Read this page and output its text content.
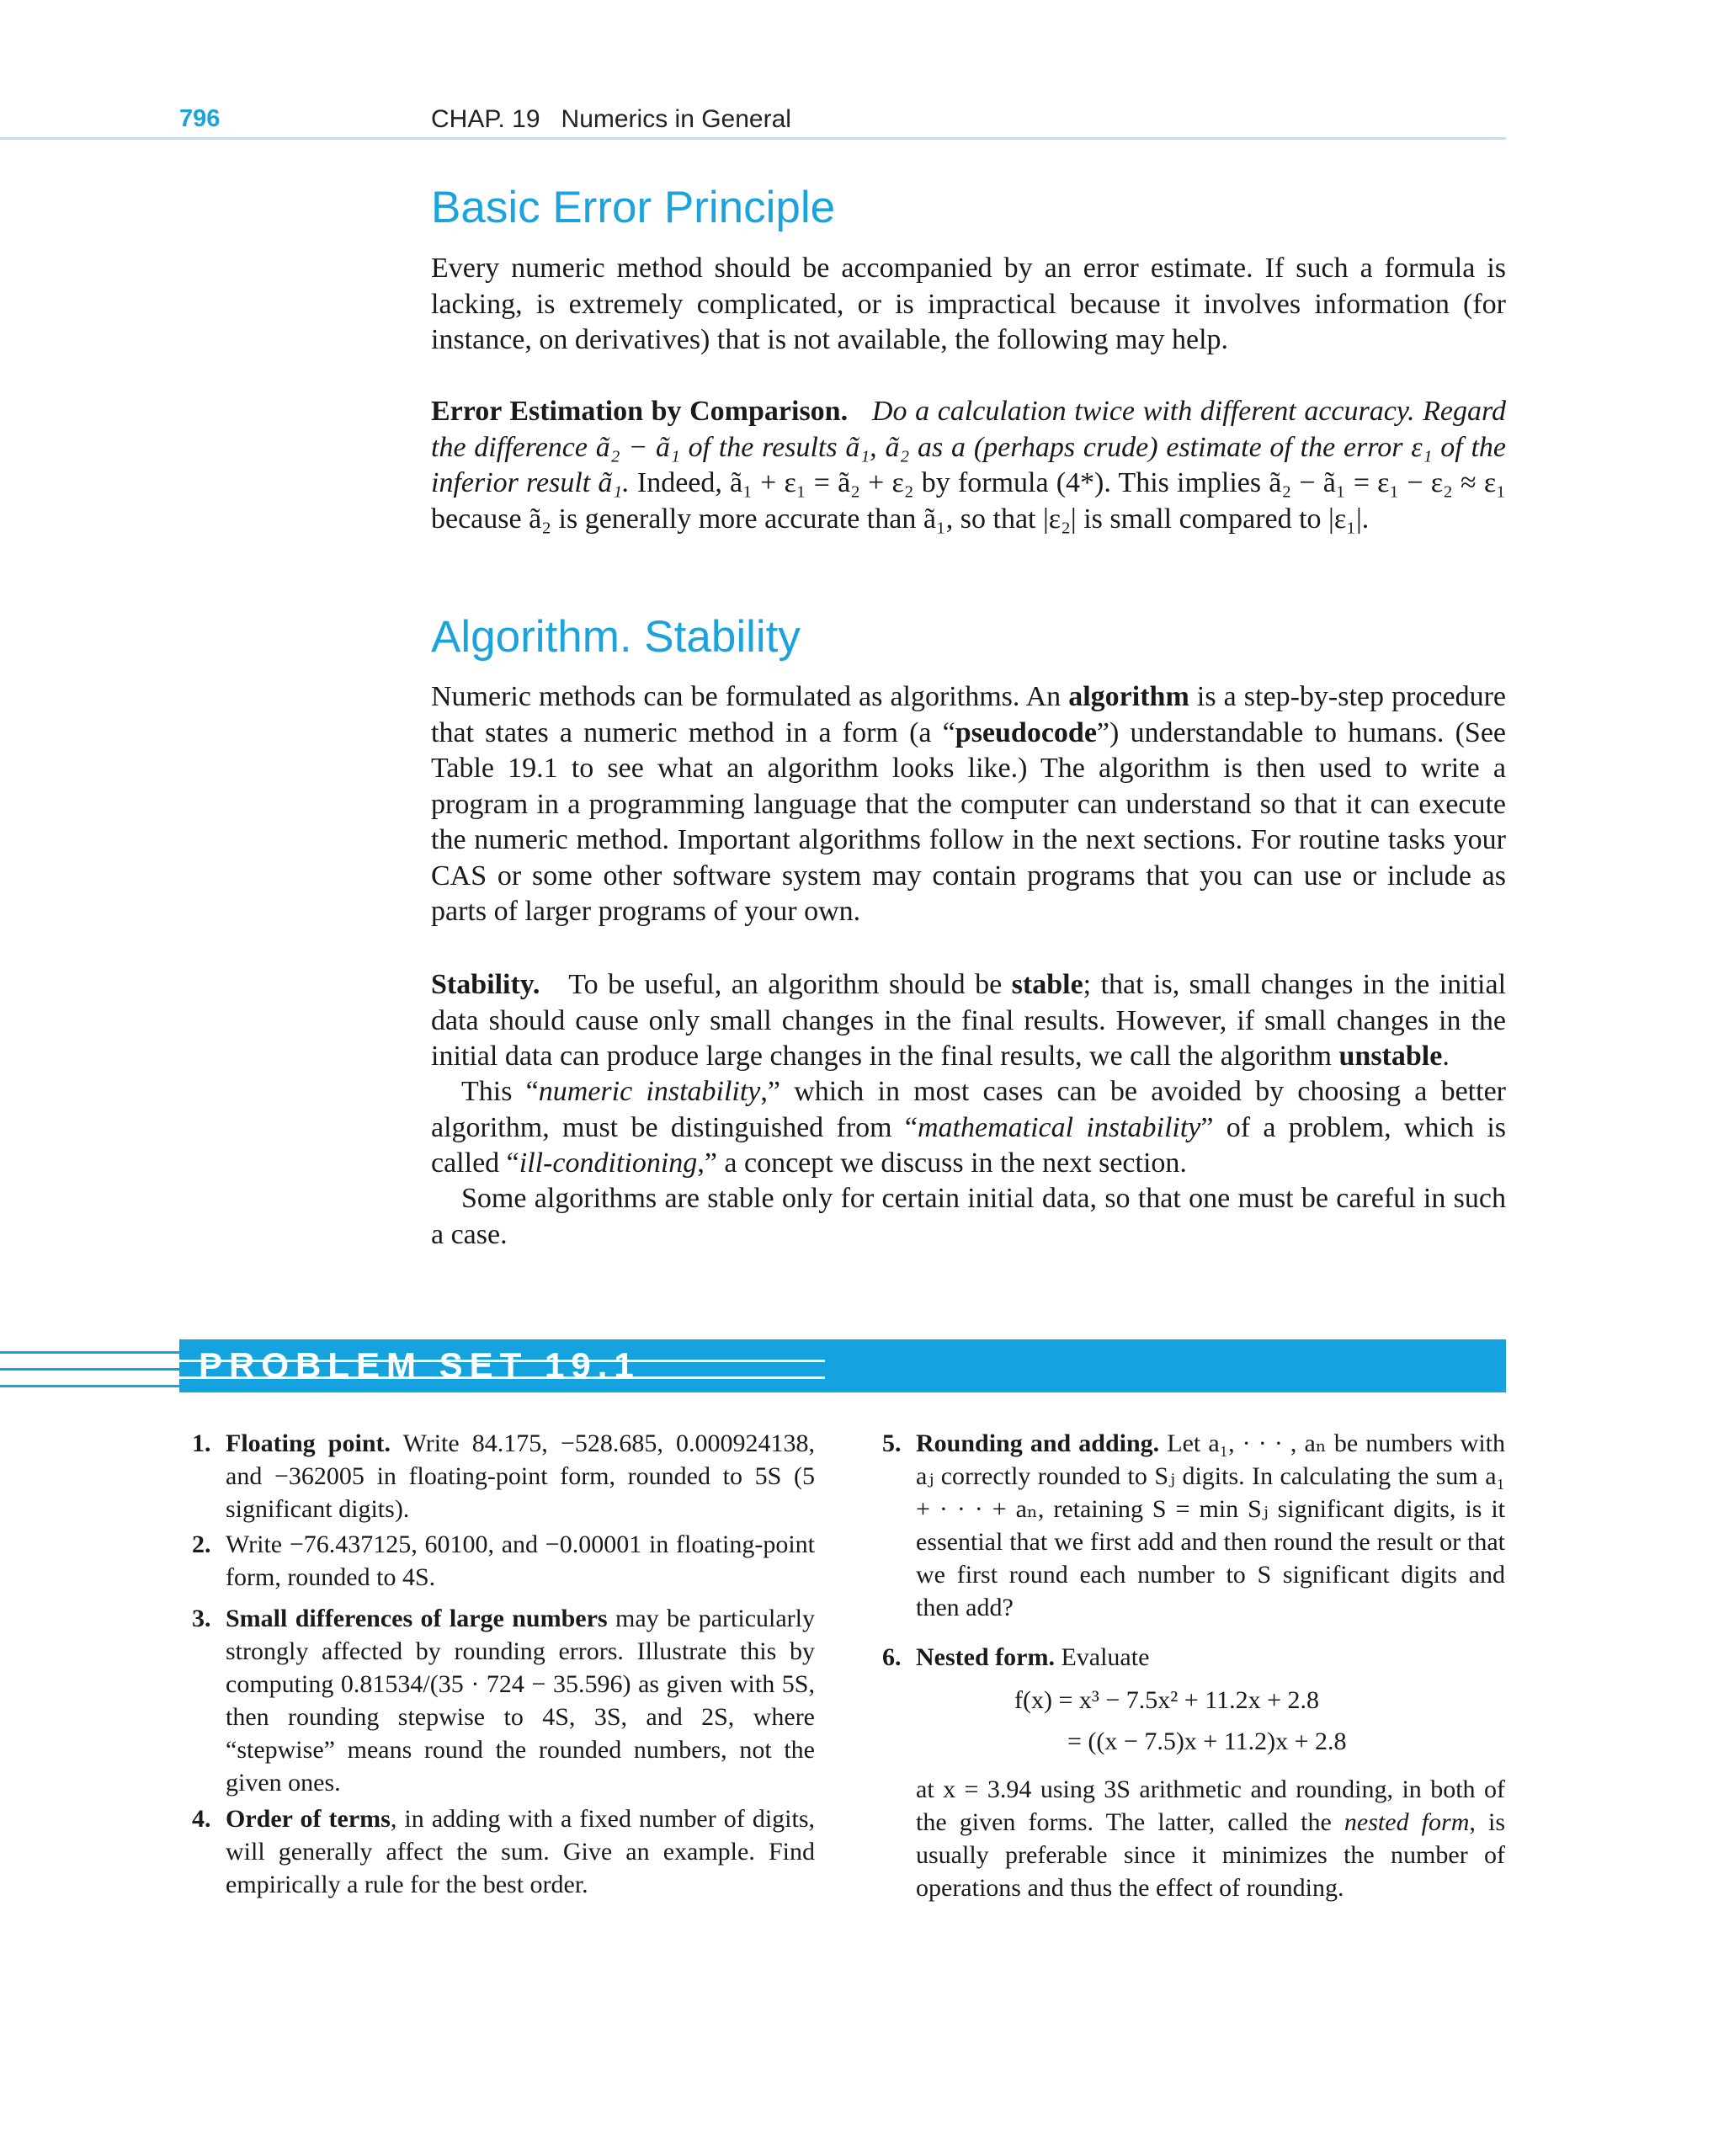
796	CHAP. 19   Numerics in General
Basic Error Principle

Every numeric method should be accompanied by an error estimate. If such a formula is lacking, is extremely complicated, or is impractical because it involves information (for instance, on derivatives) that is not available, the following may help.

Error Estimation by Comparison. Do a calculation twice with different accuracy. Regard the difference ã₂ − ã₁ of the results ã₁, ã₂ as a (perhaps crude) estimate of the error ε₁ of the inferior result ã₁. Indeed, ã₁ + ε₁ = ã₂ + ε₂ by formula (4*). This implies ã₂ − ã₁ = ε₁ − ε₂ ≈ ε₁ because ã₂ is generally more accurate than ã₁, so that |ε₂| is small compared to |ε₁|.

Algorithm. Stability

Numeric methods can be formulated as algorithms. An algorithm is a step-by-step procedure that states a numeric method in a form (a “pseudocode”) understandable to humans. (See Table 19.1 to see what an algorithm looks like.) The algorithm is then used to write a program in a programming language that the computer can understand so that it can execute the numeric method. Important algorithms follow in the next sections. For routine tasks your CAS or some other software system may contain programs that you can use or include as parts of larger programs of your own.

Stability. To be useful, an algorithm should be stable; that is, small changes in the initial data should cause only small changes in the final results. However, if small changes in the initial data can produce large changes in the final results, we call the algorithm unstable.

This “numeric instability,” which in most cases can be avoided by choosing a better algorithm, must be distinguished from “mathematical instability” of a problem, which is called “ill-conditioning,” a concept we discuss in the next section.

Some algorithms are stable only for certain initial data, so that one must be careful in such a case.

PROBLEM SET 19.1

1. Floating point. Write 84.175, −528.685, 0.000924138, and −362005 in floating-point form, rounded to 5S (5 significant digits).

2. Write −76.437125, 60100, and −0.00001 in floating-point form, rounded to 4S.

3. Small differences of large numbers may be particularly strongly affected by rounding errors. Illustrate this by computing 0.81534/(35 · 724 − 35.596) as given with 5S, then rounding stepwise to 4S, 3S, and 2S, where “stepwise” means round the rounded numbers, not the given ones.

4. Order of terms, in adding with a fixed number of digits, will generally affect the sum. Give an example. Find empirically a rule for the best order.

5. Rounding and adding. Let a₁, · · · , aₙ be numbers with aⱼ correctly rounded to Sⱼ digits. In calculating the sum a₁ + · · · + aₙ, retaining S = min Sⱼ significant digits, is it essential that we first add and then round the result or that we first round each number to S significant digits and then add?

6. Nested form. Evaluate

f(x) = x³ − 7.5x² + 11.2x + 2.8
= ((x − 7.5)x + 11.2)x + 2.8

at x = 3.94 using 3S arithmetic and rounding, in both of the given forms. The latter, called the nested form, is usually preferable since it minimizes the number of operations and thus the effect of rounding.
